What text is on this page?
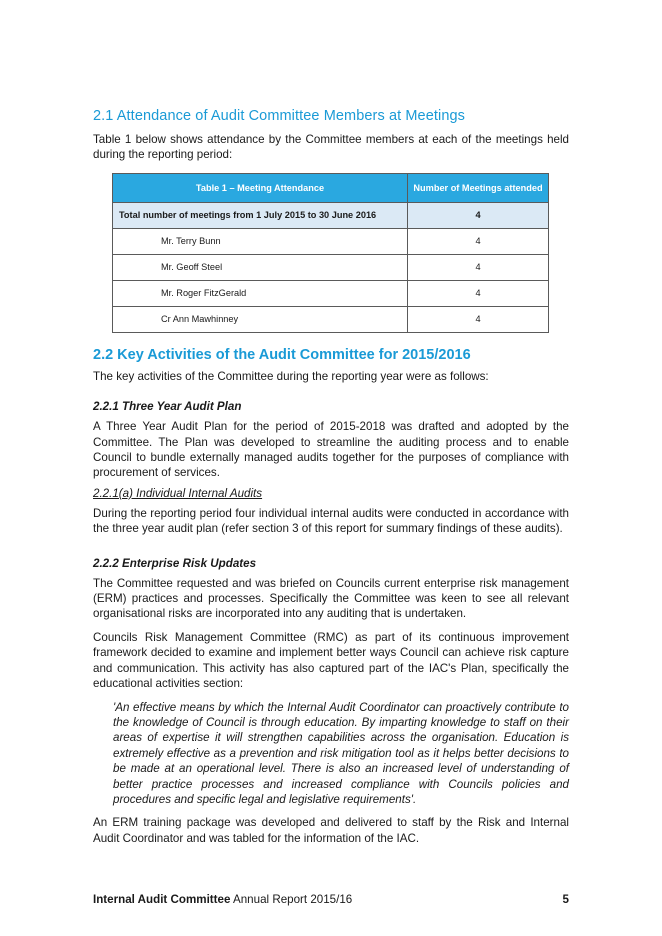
2.1 Attendance of Audit Committee Members at Meetings

Table 1 below shows attendance by the Committee members at each of the meetings held during the reporting period:

Table 1 – Meeting Attendance	Number of Meetings attended
Total number of meetings from 1 July 2015 to 30 June 2016	4
Mr. Terry Bunn	4
Mr. Geoff Steel	4
Mr. Roger FitzGerald	4
Cr Ann Mawhinney	4
2.2 Key Activities of the Audit Committee for 2015/2016

The key activities of the Committee during the reporting year were as follows:

2.2.1 Three Year Audit Plan

A Three Year Audit Plan for the period of 2015-2018 was drafted and adopted by the Committee. The Plan was developed to streamline the auditing process and to enable Council to bundle externally managed audits together for the purposes of compliance with procurement of services.

2.2.1(a) Individual Internal Audits

During the reporting period four individual internal audits were conducted in accordance with the three year audit plan (refer section 3 of this report for summary findings of these audits).

2.2.2 Enterprise Risk Updates

The Committee requested and was briefed on Councils current enterprise risk management (ERM) practices and processes. Specifically the Committee was keen to see all relevant organisational risks are incorporated into any auditing that is undertaken.

Councils Risk Management Committee (RMC) as part of its continuous improvement framework decided to examine and implement better ways Council can achieve risk capture and communication. This activity has also captured part of the IAC's Plan, specifically the educational activities section:

'An effective means by which the Internal Audit Coordinator can proactively contribute to the knowledge of Council is through education. By imparting knowledge to staff on their areas of expertise it will strengthen capabilities across the organisation. Education is extremely effective as a prevention and risk mitigation tool as it helps better decisions to be made at an operational level. There is also an increased level of understanding of better practice processes and increased compliance with Councils policies and procedures and specific legal and legislative requirements'.

An ERM training package was developed and delivered to staff by the Risk and Internal Audit Coordinator and was tabled for the information of the IAC.

Internal Audit Committee Annual Report 2015/16	5
